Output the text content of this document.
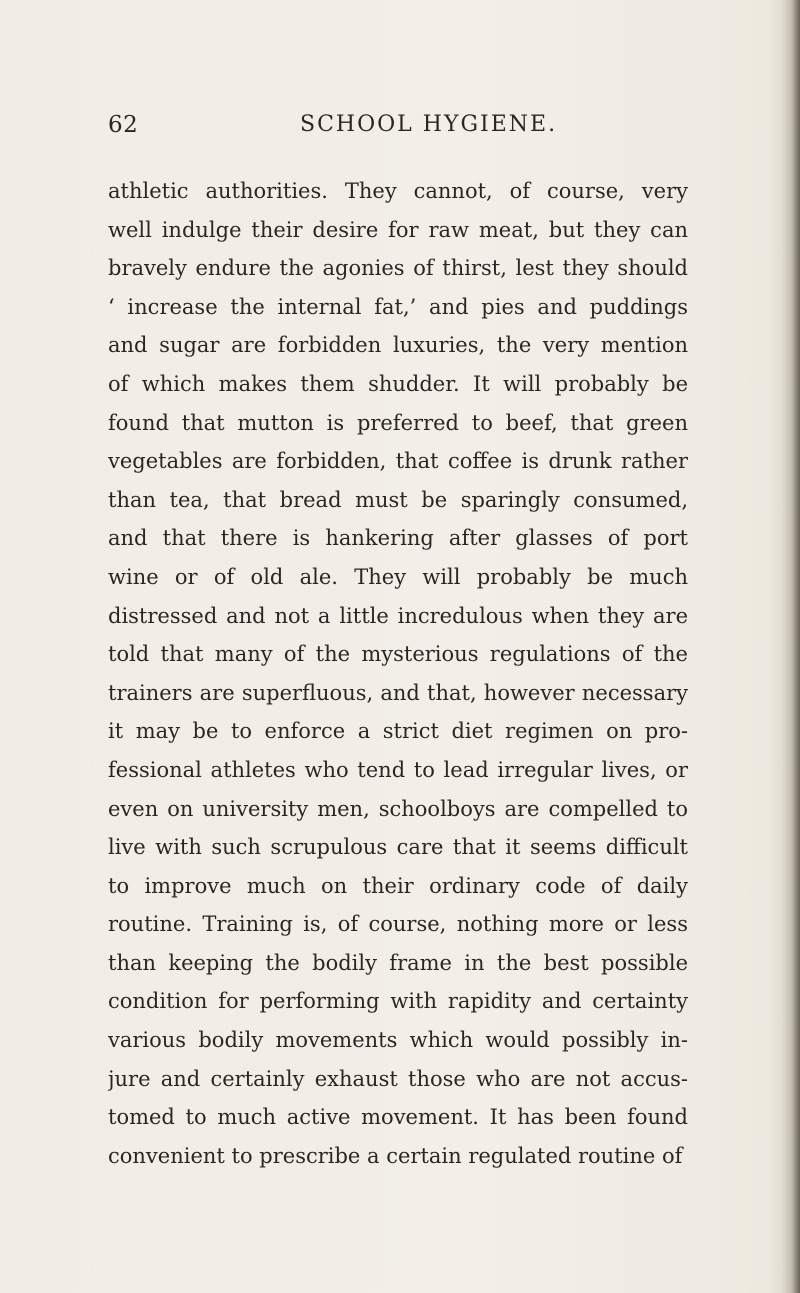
62	SCHOOL HYGIENE.
athletic authorities. They cannot, of course, very
well indulge their desire for raw meat, but they can
bravely endure the agonies of thirst, lest they should
‘ increase the internal fat,’ and pies and puddings
and sugar are forbidden luxuries, the very mention
of which makes them shudder. It will probably be
found that mutton is preferred to beef, that green
vegetables are forbidden, that coffee is drunk rather
than tea, that bread must be sparingly consumed,
and that there is hankering after glasses of port
wine or of old ale. They will probably be much
distressed and not a little incredulous when they are
told that many of the mysterious regulations of the
trainers are superfluous, and that, however necessary
it may be to enforce a strict diet regimen on pro-
fessional athletes who tend to lead irregular lives, or
even on university men, schoolboys are compelled to
live with such scrupulous care that it seems difficult
to improve much on their ordinary code of daily
routine. Training is, of course, nothing more or less
than keeping the bodily frame in the best possible
condition for performing with rapidity and certainty
various bodily movements which would possibly in-
jure and certainly exhaust those who are not accus-
tomed to much active movement. It has been found
convenient to prescribe a certain regulated routine of
